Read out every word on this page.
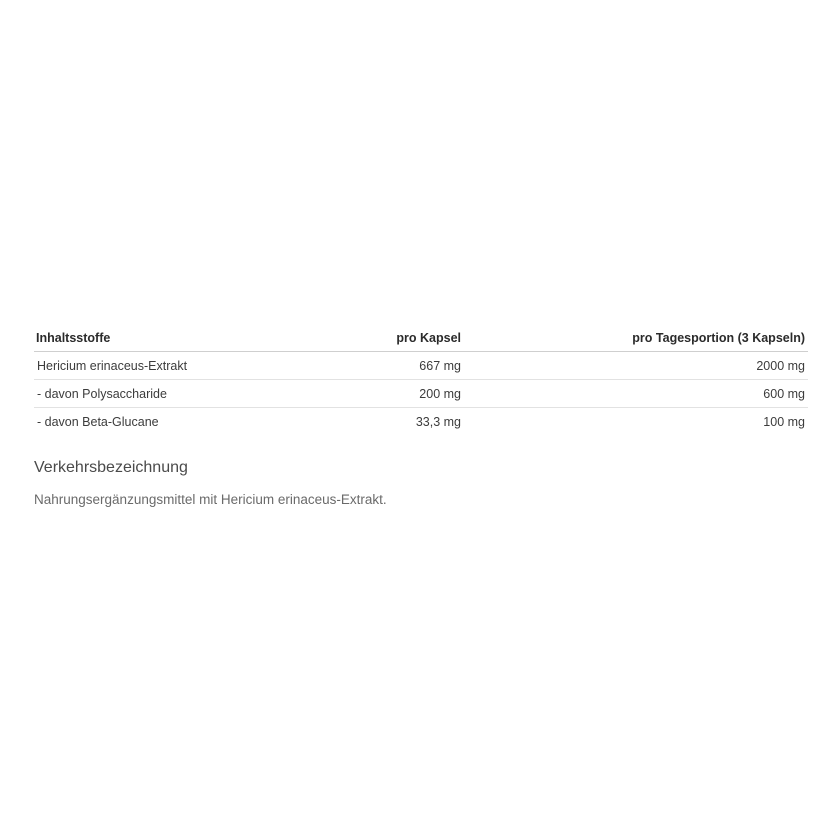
Inhaltsstoffe	pro Kapsel	pro Tagesportion (3 Kapseln)
Hericium erinaceus-Extrakt	667 mg	2000 mg
- davon Polysaccharide	200 mg	600 mg
- davon Beta-Glucane	33,3 mg	100 mg
Verkehrsbezeichnung

Nahrungsergänzungsmittel mit Hericium erinaceus-Extrakt.
